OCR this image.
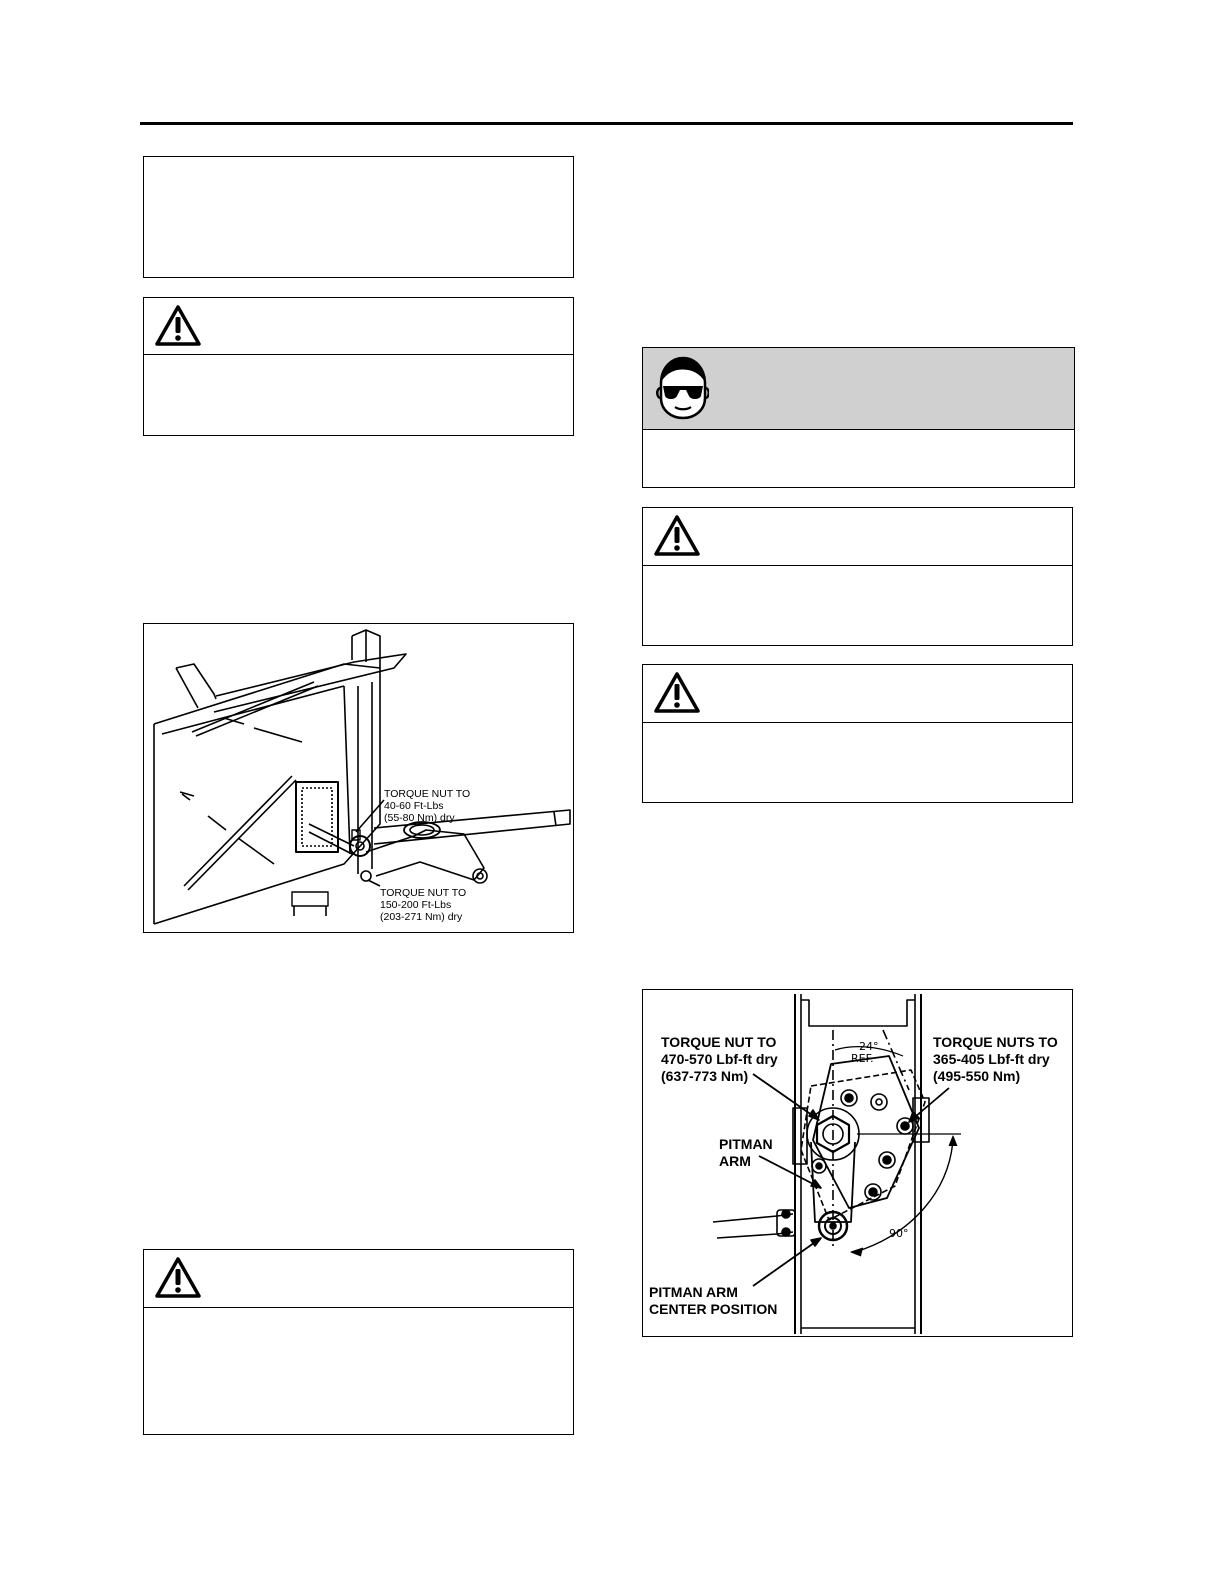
TORQUE NUT TO
40-60 Ft-Lbs
(55-80 Nm) dry
TORQUE NUT TO
150-200 Ft-Lbs
(203-271 Nm) dry
24°
REF.
90°
TORQUE NUT TO
470-570 Lbf-ft dry
(637-773 Nm)
TORQUE NUTS TO
365-405 Lbf-ft dry
(495-550 Nm)
PITMAN
ARM
PITMAN ARM
CENTER POSITION
